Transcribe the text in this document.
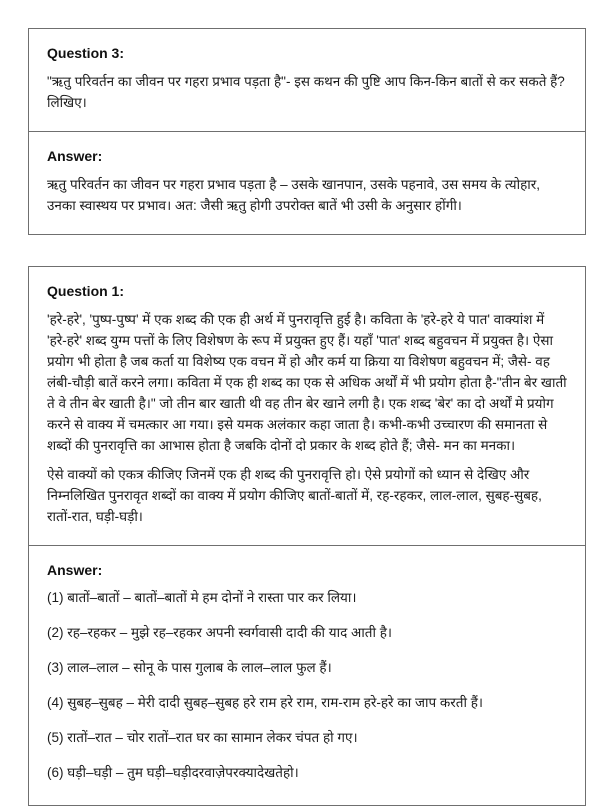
Question 3:

"ऋतु परिवर्तन का जीवन पर गहरा प्रभाव पड़ता है"- इस कथन की पुष्टि आप किन-किन बातों से कर सकते हैं? लिखिए।

Answer:

ऋतु परिवर्तन का जीवन पर गहरा प्रभाव पड़ता है – उसके खानपान, उसके पहनावे, उस समय के त्योहार, उनका स्वास्थय पर प्रभाव। अत: जैसी ऋतु होगी उपरोक्त बातें भी उसी के अनुसार होंगी।

Question 1:

'हरे-हरे', 'पुष्प-पुष्प' में एक शब्द की एक ही अर्थ में पुनरावृत्ति हुई है। कविता के 'हरे-हरे ये पात' वाक्यांश में 'हरे-हरे' शब्द युग्म पत्तों के लिए विशेषण के रूप में प्रयुक्त हुए हैं। यहाँ 'पात' शब्द बहुवचन में प्रयुक्त है। ऐसा प्रयोग भी होता है जब कर्ता या विशेष्य एक वचन में हो और कर्म या क्रिया या विशेषण बहुवचन में; जैसे- वह लंबी-चौड़ी बातें करने लगा। कविता में एक ही शब्द का एक से अधिक अर्थों में भी प्रयोग होता है-"तीन बेर खाती ते वे तीन बेर खाती है।" जो तीन बार खाती थी वह तीन बेर खाने लगी है। एक शब्द 'बेर' का दो अर्थों मे प्रयोग करने से वाक्य में चमत्कार आ गया। इसे यमक अलंकार कहा जाता है। कभी-कभी उच्चारण की समानता से शब्दों की पुनरावृत्ति का आभास होता है जबकि दोनों दो प्रकार के शब्द होते हैं; जैसे- मन का मनका।

ऐसे वाक्यों को एकत्र कीजिए जिनमें एक ही शब्द की पुनरावृत्ति हो। ऐसे प्रयोगों को ध्यान से देखिए और निम्नलिखित पुनरावृत शब्दों का वाक्य में प्रयोग कीजिए बातों-बातों में, रह-रहकर, लाल-लाल, सुबह-सुबह, रातों-रात, घड़ी-घड़ी।

Answer:

(1) बातों–बातों – बातों–बातों मे हम दोनों ने रास्ता पार कर लिया।

(2) रह–रहकर – मुझे रह–रहकर अपनी स्वर्गवासी दादी की याद आती है।

(3) लाल–लाल – सोनू के पास गुलाब के लाल–लाल फुल हैं।

(4) सुबह–सुबह – मेरी दादी सुबह–सुबह हरे राम हरे राम, राम-राम हरे-हरे का जाप करती हैं।

(5) रातों–रात – चोर रातों–रात घर का सामान लेकर चंपत हो गए।

(6) घड़ी–घड़ी – तुम घड़ी–घड़ीदरवाज़ेपरक्यादेखतेहो।
